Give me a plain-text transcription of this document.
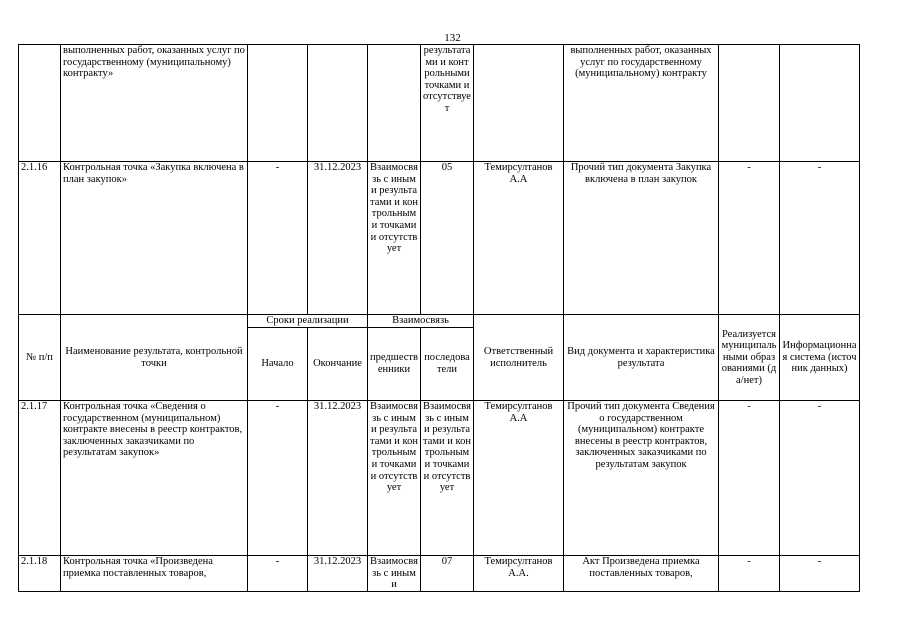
132
	выполненных работ, оказанных услуг по государственному (муниципальному) контракту»				результатами и контрольными точками и отсутствует		выполненных работ, оказанных услуг по государственному (муниципальному) контракту		
2.1.16	Контрольная точка «Закупка включена в план закупок»	-	31.12.2023	Взаимосвязь с иными результатами и контрольными точками и отсутствует	05	Темирсултанов А.А	Прочий тип документа Закупка включена в план закупок	-	-
№ п/п	Наименование результата, контрольной точки	Сроки реализации		Взаимосвязь		Ответственный исполнитель	Вид документа и характеристика результата	Реализуется муниципальными образованиями (да/нет)	Информационная система (источник данных)
		Начало	Окончание	предшественники	последователи				
2.1.17	Контрольная точка «Сведения о государственном (муниципальном) контракте внесены в реестр контрактов, заключенных заказчиками по результатам закупок»	-	31.12.2023	Взаимосвязь с иными результатами и контрольными точками и отсутствует	Взаимосвязь с иными результатами и контрольными точками и отсутствует	Темирсултанов А.А	Прочий тип документа Сведения о государственном (муниципальном) контракте внесены в реестр контрактов, заключенных заказчиками по результатам закупок	-	-
2.1.18	Контрольная точка «Произведена приемка поставленных товаров,	-	31.12.2023	Взаимосвязь с иными	07	Темирсултанов А.А.	Акт Произведена приемка поставленных товаров,	-	-
